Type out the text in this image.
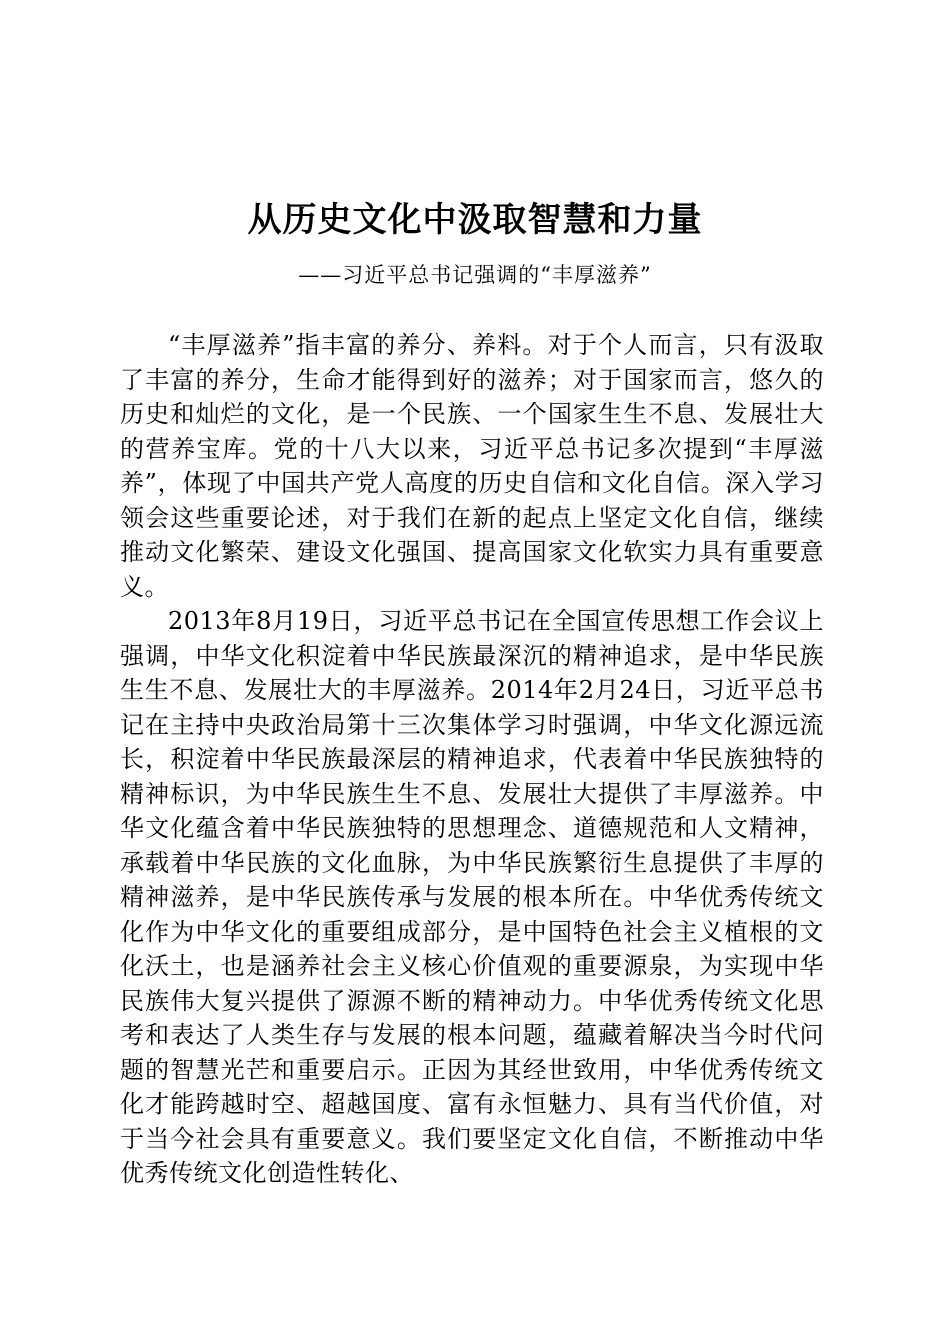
从历史文化中汲取智慧和力量
——习近平总书记强调的“丰厚滋养”

“丰厚滋养”指丰富的养分、养料。对于个人而言，只有汲取了丰富的养分，生命才能得到好的滋养；对于国家而言，悠久的历史和灿烂的文化，是一个民族、一个国家生生不息、发展壮大的营养宝库。党的十八大以来，习近平总书记多次提到“丰厚滋养”，体现了中国共产党人高度的历史自信和文化自信。深入学习领会这些重要论述，对于我们在新的起点上坚定文化自信，继续推动文化繁荣、建设文化强国、提高国家文化软实力具有重要意义。

2013年8月19日，习近平总书记在全国宣传思想工作会议上强调，中华文化积淀着中华民族最深沉的精神追求，是中华民族生生不息、发展壮大的丰厚滋养。2014年2月24日，习近平总书记在主持中央政治局第十三次集体学习时强调，中华文化源远流长，积淀着中华民族最深层的精神追求，代表着中华民族独特的精神标识，为中华民族生生不息、发展壮大提供了丰厚滋养。中华文化蕴含着中华民族独特的思想理念、道德规范和人文精神，承载着中华民族的文化血脉，为中华民族繁衍生息提供了丰厚的精神滋养，是中华民族传承与发展的根本所在。中华优秀传统文化作为中华文化的重要组成部分，是中国特色社会主义植根的文化沃土，也是涵养社会主义核心价值观的重要源泉，为实现中华民族伟大复兴提供了源源不断的精神动力。中华优秀传统文化思考和表达了人类生存与发展的根本问题，蕴藏着解决当今时代问题的智慧光芒和重要启示。正因为其经世致用，中华优秀传统文化才能跨越时空、超越国度、富有永恒魅力、具有当代价值，对于当今社会具有重要意义。我们要坚定文化自信，不断推动中华优秀传统文化创造性转化、
